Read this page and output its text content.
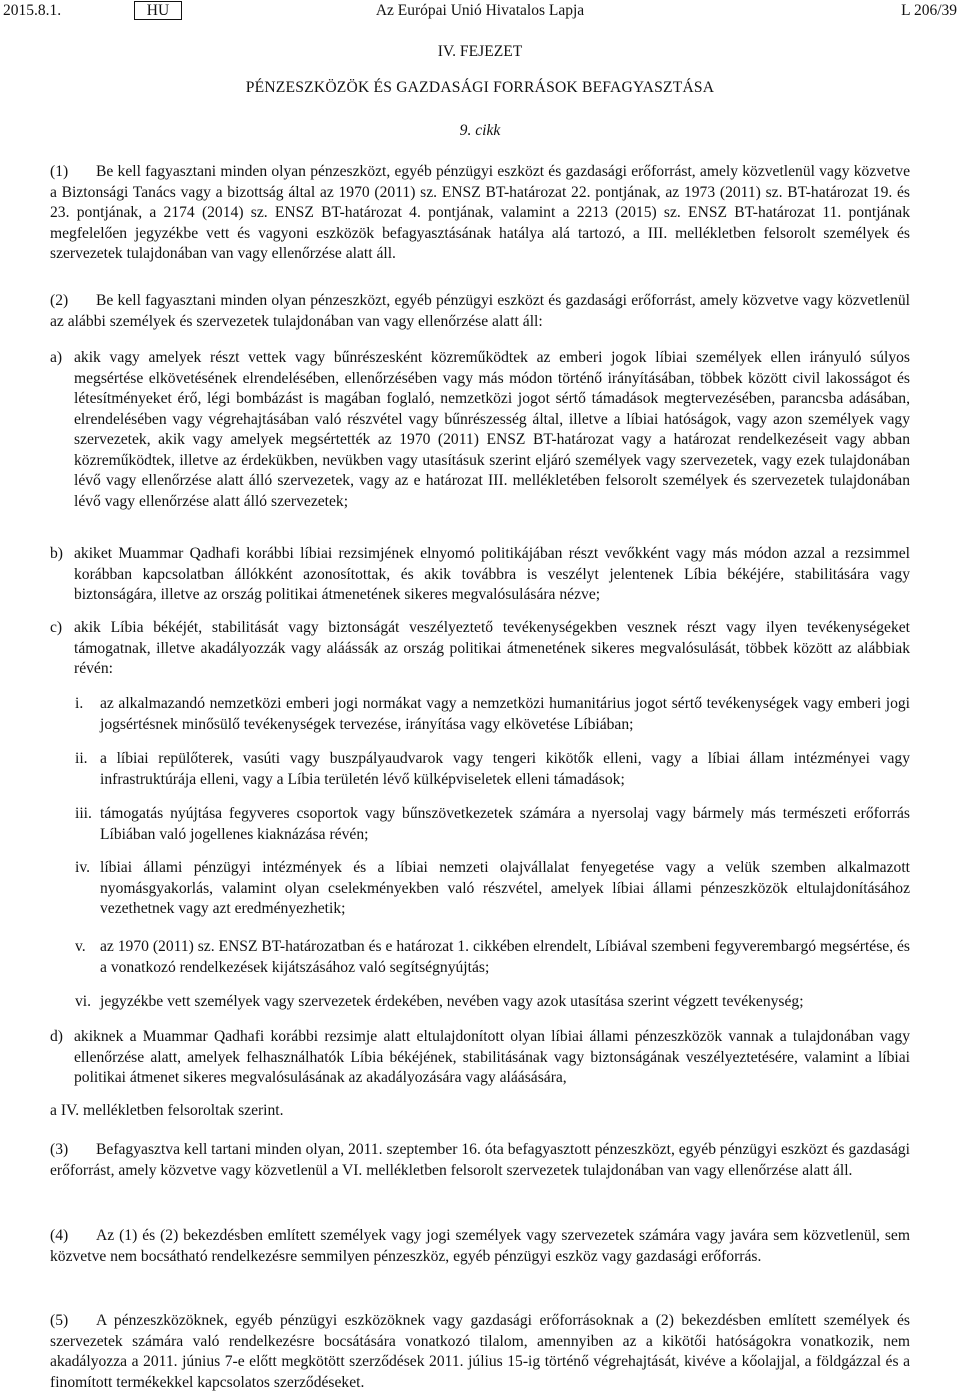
2015.8.1.	HU	Az Európai Unió Hivatalos Lapja	L 206/39
IV. FEJEZET
PÉNZESZKÖZÖK ÉS GAZDASÁGI FORRÁSOK BEFAGYASZTÁSA
9. cikk
(1) Be kell fagyasztani minden olyan pénzeszközt, egyéb pénzügyi eszközt és gazdasági erőforrást, amely közvetlenül vagy közvetve a Biztonsági Tanács vagy a bizottság által az 1970 (2011) sz. ENSZ BT-határozat 22. pontjának, az 1973 (2011) sz. BT-határozat 19. és 23. pontjának, a 2174 (2014) sz. ENSZ BT-határozat 4. pontjának, valamint a 2213 (2015) sz. ENSZ BT-határozat 11. pontjának megfelelően jegyzékbe vett és vagyoni eszközök befagyasztásának hatálya alá tartozó, a III. mellékletben felsorolt személyek és szervezetek tulajdonában van vagy ellenőrzése alatt áll.
(2) Be kell fagyasztani minden olyan pénzeszközt, egyéb pénzügyi eszközt és gazdasági erőforrást, amely közvetve vagy közvetlenül az alábbi személyek és szervezetek tulajdonában van vagy ellenőrzése alatt áll:
a) akik vagy amelyek részt vettek vagy bűnrészesként közreműködtek az emberi jogok líbiai személyek ellen irányuló súlyos megsértése elkövetésének elrendelésében, ellenőrzésében vagy más módon történő irányításában, többek között civil lakosságot és létesítményeket érő, légi bombázást is magában foglaló, nemzetközi jogot sértő támadások megtervezésében, parancsba adásában, elrendelésében vagy végrehajtásában való részvétel vagy bűnrészesség által, illetve a líbiai hatóságok, vagy azon személyek vagy szervezetek, akik vagy amelyek megsértették az 1970 (2011) ENSZ BT-határozat vagy a határozat rendelkezéseit vagy abban közreműködtek, illetve az érdekükben, nevükben vagy utasításuk szerint eljáró személyek vagy szervezetek, vagy ezek tulajdonában lévő vagy ellenőrzése alatt álló szervezetek, vagy az e határozat III. mellékletében felsorolt személyek és szervezetek tulajdonában lévő vagy ellenőrzése alatt álló szervezetek;
b) akiket Muammar Qadhafi korábbi líbiai rezsimjének elnyomó politikájában részt vevőkként vagy más módon azzal a rezsimmel korábban kapcsolatban állókként azonosítottak, és akik továbbra is veszélyt jelentenek Líbia békéjére, stabilitására vagy biztonságára, illetve az ország politikai átmenetének sikeres megvalósulására nézve;
c) akik Líbia békéjét, stabilitását vagy biztonságát veszélyeztető tevékenységekben vesznek részt vagy ilyen tevékenységeket támogatnak, illetve akadályozzák vagy aláássák az ország politikai átmenetének sikeres megvalósulását, többek között az alábbiak révén:
i. az alkalmazandó nemzetközi emberi jogi normákat vagy a nemzetközi humanitárius jogot sértő tevékenységek vagy emberi jogi jogsértésnek minősülő tevékenységek tervezése, irányítása vagy elkövetése Líbiában;
ii. a líbiai repülőterek, vasúti vagy buszpályaudvarok vagy tengeri kikötők elleni, vagy a líbiai állam intézményei vagy infrastruktúrája elleni, vagy a Líbia területén lévő külképviseletek elleni támadások;
iii. támogatás nyújtása fegyveres csoportok vagy bűnszövetkezetek számára a nyersolaj vagy bármely más természeti erőforrás Líbiában való jogellenes kiaknázása révén;
iv. líbiai állami pénzügyi intézmények és a líbiai nemzeti olajvállalat fenyegetése vagy a velük szemben alkalmazott nyomásgyakorlás, valamint olyan cselekményekben való részvétel, amelyek líbiai állami pénzeszközök eltulajdonításához vezethetnek vagy azt eredményezhetik;
v. az 1970 (2011) sz. ENSZ BT-határozatban és e határozat 1. cikkében elrendelt, Líbiával szembeni fegyverembargó megsértése, és a vonatkozó rendelkezések kijátszásához való segítségnyújtás;
vi. jegyzékbe vett személyek vagy szervezetek érdekében, nevében vagy azok utasítása szerint végzett tevékenység;
d) akiknek a Muammar Qadhafi korábbi rezsimje alatt eltulajdonított olyan líbiai állami pénzeszközök vannak a tulajdonában vagy ellenőrzése alatt, amelyek felhasználhatók Líbia békéjének, stabilitásának vagy biztonságának veszélyeztetésére, valamint a líbiai politikai átmenet sikeres megvalósulásának az akadályozására vagy aláásására,
a IV. mellékletben felsoroltak szerint.
(3) Befagyasztva kell tartani minden olyan, 2011. szeptember 16. óta befagyasztott pénzeszközt, egyéb pénzügyi eszközt és gazdasági erőforrást, amely közvetve vagy közvetlenül a VI. mellékletben felsorolt szervezetek tulajdonában van vagy ellenőrzése alatt áll.
(4) Az (1) és (2) bekezdésben említett személyek vagy jogi személyek vagy szervezetek számára vagy javára sem közvetlenül, sem közvetve nem bocsátható rendelkezésre semmilyen pénzeszköz, egyéb pénzügyi eszköz vagy gazdasági erőforrás.
(5) A pénzeszközöknek, egyéb pénzügyi eszközöknek vagy gazdasági erőforrásoknak a (2) bekezdésben említett személyek és szervezetek számára való rendelkezésre bocsátására vonatkozó tilalom, amennyiben az a kikötői hatóságokra vonatkozik, nem akadályozza a 2011. június 7-e előtt megkötött szerződések 2011. július 15-ig történő végrehajtását, kivéve a kőolajjal, a földgázzal és a finomított termékekkel kapcsolatos szerződéseket.
